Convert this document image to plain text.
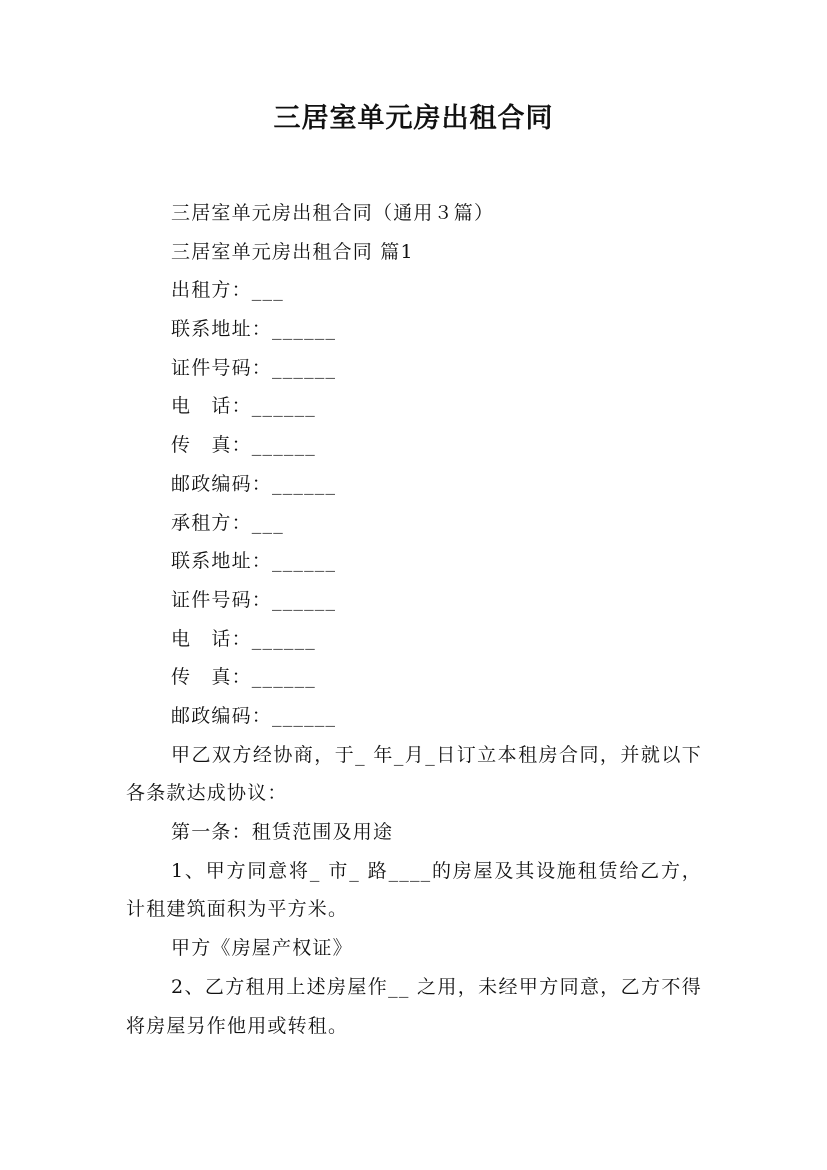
三居室单元房出租合同
三居室单元房出租合同（通用３篇）
三居室单元房出租合同 篇1
出租方：___
联系地址：______
证件号码：______
电　话：______
传　真：______
邮政编码：______
承租方：___
联系地址：______
证件号码：______
电　话：______
传　真：______
邮政编码：______
甲乙双方经协商，于_ 年_月_日订立本租房合同，并就以下各条款达成协议：
第一条：租赁范围及用途
1、甲方同意将_ 市_ 路____的房屋及其设施租赁给乙方，计租建筑面积为平方米。
甲方《房屋产权证》
2、乙方租用上述房屋作__ 之用，未经甲方同意，乙方不得将房屋另作他用或转租。
